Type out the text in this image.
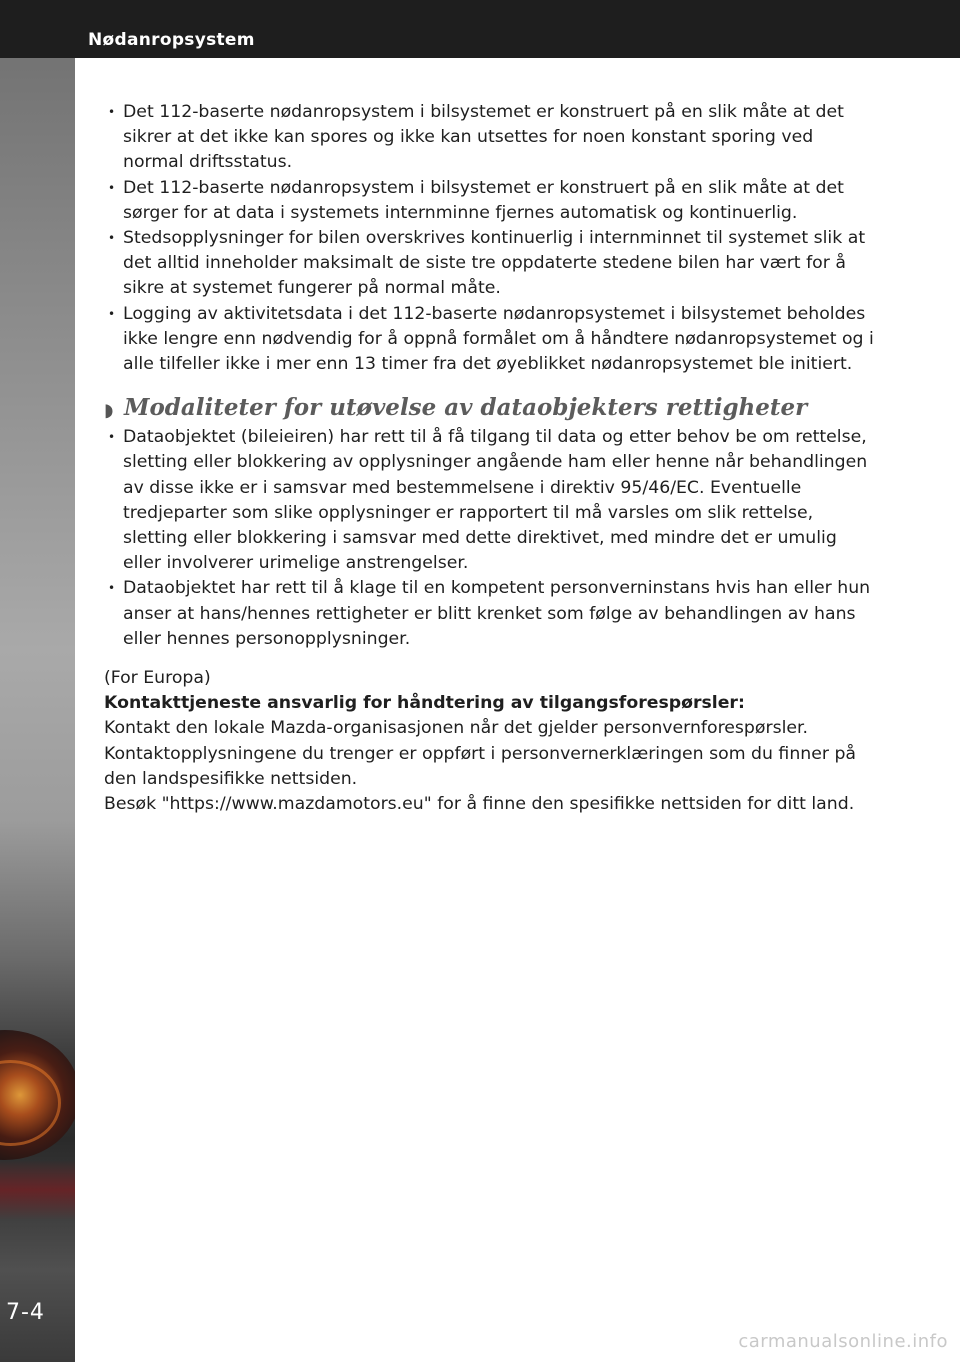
7-4
Nødanropsystem
• Det 112-baserte nødanropsystem i bilsystemet er konstruert på en slik måte at det sikrer at det ikke kan spores og ikke kan utsettes for noen konstant sporing ved normal driftsstatus.
• Det 112-baserte nødanropsystem i bilsystemet er konstruert på en slik måte at det sørger for at data i systemets internminne fjernes automatisk og kontinuerlig.
• Stedsopplysninger for bilen overskrives kontinuerlig i internminnet til systemet slik at det alltid inneholder maksimalt de siste tre oppdaterte stedene bilen har vært for å sikre at systemet fungerer på normal måte.
• Logging av aktivitetsdata i det 112-baserte nødanropsystemet i bilsystemet beholdes ikke lengre enn nødvendig for å oppnå formålet om å håndtere nødanropsystemet og i alle tilfeller ikke i mer enn 13 timer fra det øyeblikket nødanropsystemet ble initiert.
◗ Modaliteter for utøvelse av dataobjekters rettigheter
• Dataobjektet (bileieiren) har rett til å få tilgang til data og etter behov be om rettelse, sletting eller blokkering av opplysninger angående ham eller henne når behandlingen av disse ikke er i samsvar med bestemmelsene i direktiv 95/46/EC. Eventuelle tredjeparter som slike opplysninger er rapportert til må varsles om slik rettelse, sletting eller blokkering i samsvar med dette direktivet, med mindre det er umulig eller involverer urimelige anstrengelser.
• Dataobjektet har rett til å klage til en kompetent personverninstans hvis han eller hun anser at hans/hennes rettigheter er blitt krenket som følge av behandlingen av hans eller hennes personopplysninger.
(For Europa)
Kontakttjeneste ansvarlig for håndtering av tilgangsforespørsler:
Kontakt den lokale Mazda-organisasjonen når det gjelder personvernforespørsler.
Kontaktopplysningene du trenger er oppført i personvernerklæringen som du finner på den landspesifikke nettsiden.
Besøk "https://www.mazdamotors.eu" for å finne den spesifikke nettsiden for ditt land.
carmanualsonline.info
